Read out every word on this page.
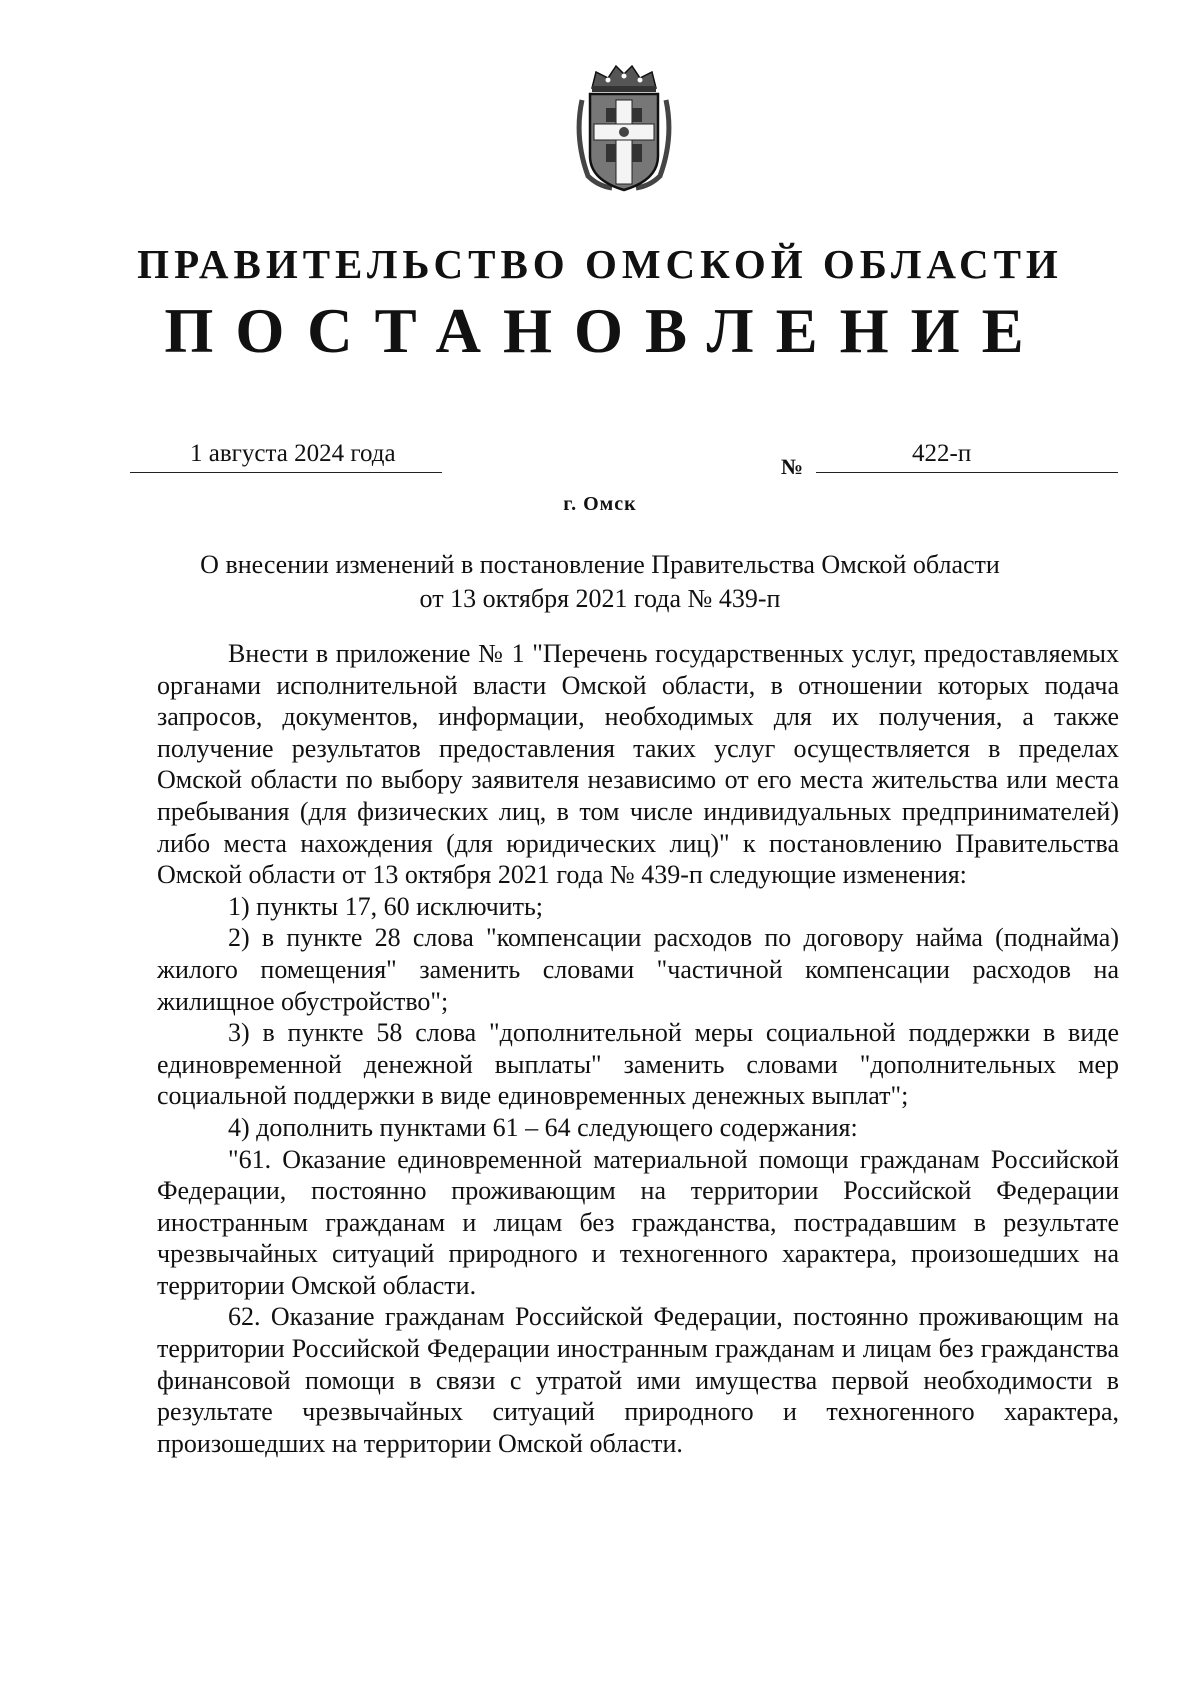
ПРАВИТЕЛЬСТВО ОМСКОЙ ОБЛАСТИ
ПОСТАНОВЛЕНИЕ
1 августа 2024 года	№	422-п
г. Омск
О внесении изменений в постановление Правительства Омской области
от 13 октября 2021 года № 439-п

Внести в приложение № 1 "Перечень государственных услуг, предоставляемых органами исполнительной власти Омской области, в отношении которых подача запросов, документов, информации, необходимых для их получения, а также получение результатов предоставления таких услуг осуществляется в пределах Омской области по выбору заявителя независимо от его места жительства или места пребывания (для физических лиц, в том числе индивидуальных предпринимателей) либо места нахождения (для юридических лиц)" к постановлению Правительства Омской области от 13 октября 2021 года № 439-п следующие изменения:

1) пункты 17, 60 исключить;

2) в пункте 28 слова "компенсации расходов по договору найма (поднайма) жилого помещения" заменить словами "частичной компенсации расходов на жилищное обустройство";

3) в пункте 58 слова "дополнительной меры социальной поддержки в виде единовременной денежной выплаты" заменить словами "дополнительных мер социальной поддержки в виде единовременных денежных выплат";

4) дополнить пунктами 61 – 64 следующего содержания:

"61. Оказание единовременной материальной помощи гражданам Российской Федерации, постоянно проживающим на территории Российской Федерации иностранным гражданам и лицам без гражданства, пострадавшим в результате чрезвычайных ситуаций природного и техногенного характера, произошедших на территории Омской области.

62. Оказание гражданам Российской Федерации, постоянно проживающим на территории Российской Федерации иностранным гражданам и лицам без гражданства финансовой помощи в связи с утратой ими имущества первой необходимости в результате чрезвычайных ситуаций природного и техногенного характера, произошедших на территории Омской области.
